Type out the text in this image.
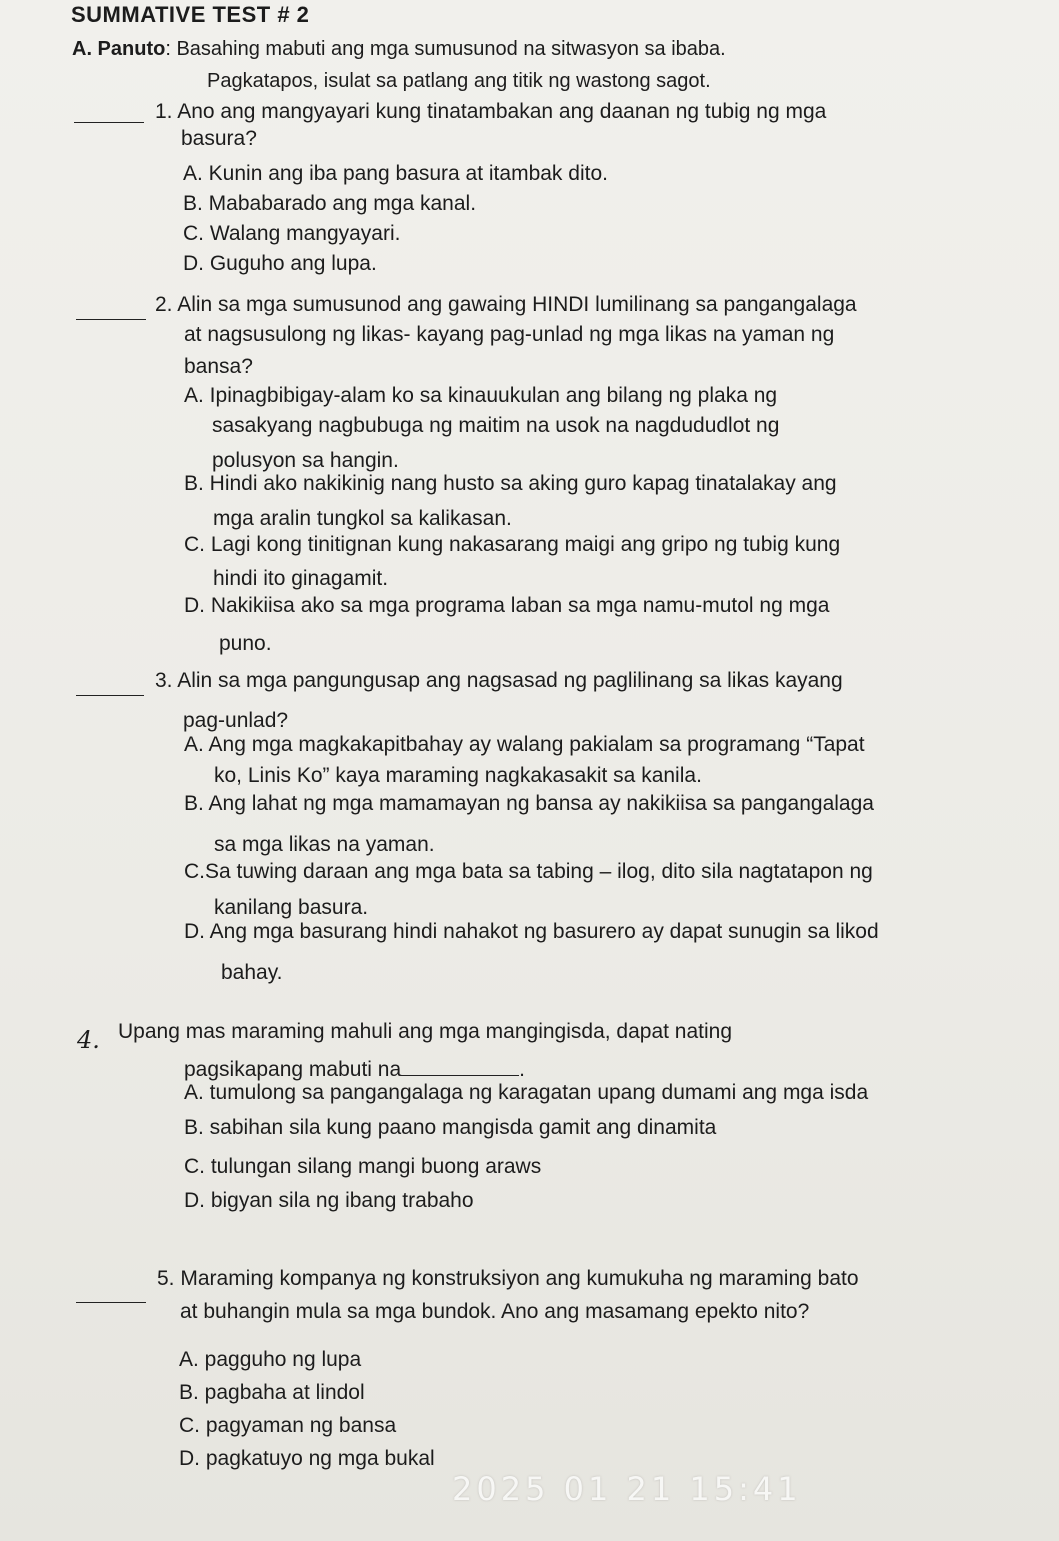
SUMMATIVE TEST # 2
A. Panuto: Basahing mabuti ang mga sumusunod na sitwasyon sa ibaba.
Pagkatapos, isulat sa patlang ang titik ng wastong sagot.
1. Ano ang mangyayari kung tinatambakan ang daanan ng tubig ng mga
basura?
A. Kunin ang iba pang basura at itambak dito.
B. Mababarado ang mga kanal.
C. Walang mangyayari.
D. Guguho ang lupa.
2. Alin sa mga sumusunod ang gawaing HINDI lumilinang sa pangangalaga
at nagsusulong ng likas- kayang pag-unlad ng mga likas na yaman ng
bansa?
A. Ipinagbibigay-alam ko sa kinauukulan ang bilang ng plaka ng
sasakyang nagbubuga ng maitim na usok na nagdududlot ng
polusyon sa hangin.
B. Hindi ako nakikinig nang husto sa aking guro kapag tinatalakay ang
mga aralin tungkol sa kalikasan.
C. Lagi kong tinitignan kung nakasarang maigi ang gripo ng tubig kung
hindi ito ginagamit.
D. Nakikiisa ako sa mga programa laban sa mga namu-mutol ng mga
puno.
3. Alin sa mga pangungusap ang nagsasad ng paglilinang sa likas kayang
pag-unlad?
A. Ang mga magkakapitbahay ay walang pakialam sa programang “Tapat
ko, Linis Ko” kaya maraming nagkakasakit sa kanila.
B. Ang lahat ng mga mamamayan ng bansa ay nakikiisa sa pangangalaga
sa mga likas na yaman.
C.Sa tuwing daraan ang mga bata sa tabing – ilog, dito sila nagtatapon ng
kanilang basura.
D. Ang mga basurang hindi nahakot ng basurero ay dapat sunugin sa likod
bahay.
4. Upang mas maraming mahuli ang mga mangingisda, dapat nating
pagsikapang mabuti na	.
A. tumulong sa pangangalaga ng karagatan upang dumami ang mga isda
B. sabihan sila kung paano mangisda gamit ang dinamita
C. tulungan silang mangi buong araws
D. bigyan sila ng ibang trabaho
5. Maraming kompanya ng konstruksiyon ang kumukuha ng maraming bato
at buhangin mula sa mga bundok. Ano ang masamang epekto nito?
A. pagguho ng lupa
B. pagbaha at lindol
C. pagyaman ng bansa
D. pagkatuyo ng mga bukal
2025 01 21 15:41
